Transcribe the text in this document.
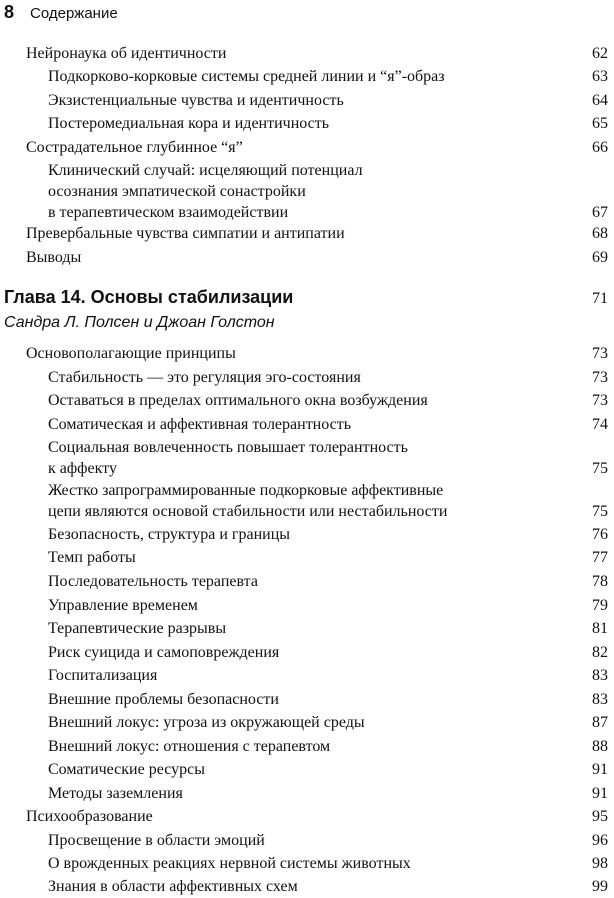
8 Содержание
Нейронаука об идентичности	62
Подкорково-корковые системы средней линии и “я”-образ	63
Экзистенциальные чувства и идентичность	64
Постеромедиальная кора и идентичность	65
Сострадательное глубинное “я”	66
Клинический случай: исцеляющий потенциал
осознания эмпатической сонастройки
в терапевтическом взаимодействии	67
Превербальные чувства симпатии и антипатии	68
Выводы	69
Глава 14. Основы стабилизации	71
Сандра Л. Полсен и Джоан Голстон
Основополагающие принципы	73
Стабильность — это регуляция эго-состояния	73
Оставаться в пределах оптимального окна возбуждения	73
Соматическая и аффективная толерантность	74
Социальная вовлеченность повышает толерантность
к аффекту	75
Жестко запрограммированные подкорковые аффективные
цепи являются основой стабильности или нестабильности	75
Безопасность, структура и границы	76
Темп работы	77
Последовательность терапевта	78
Управление временем	79
Терапевтические разрывы	81
Риск суицида и самоповреждения	82
Госпитализация	83
Внешние проблемы безопасности	83
Внешний локус: угроза из окружающей среды	87
Внешний локус: отношения с терапевтом	88
Соматические ресурсы	91
Методы заземления	91
Психообразование	95
Просвещение в области эмоций	96
О врожденных реакциях нервной системы животных	98
Знания в области аффективных схем	99
